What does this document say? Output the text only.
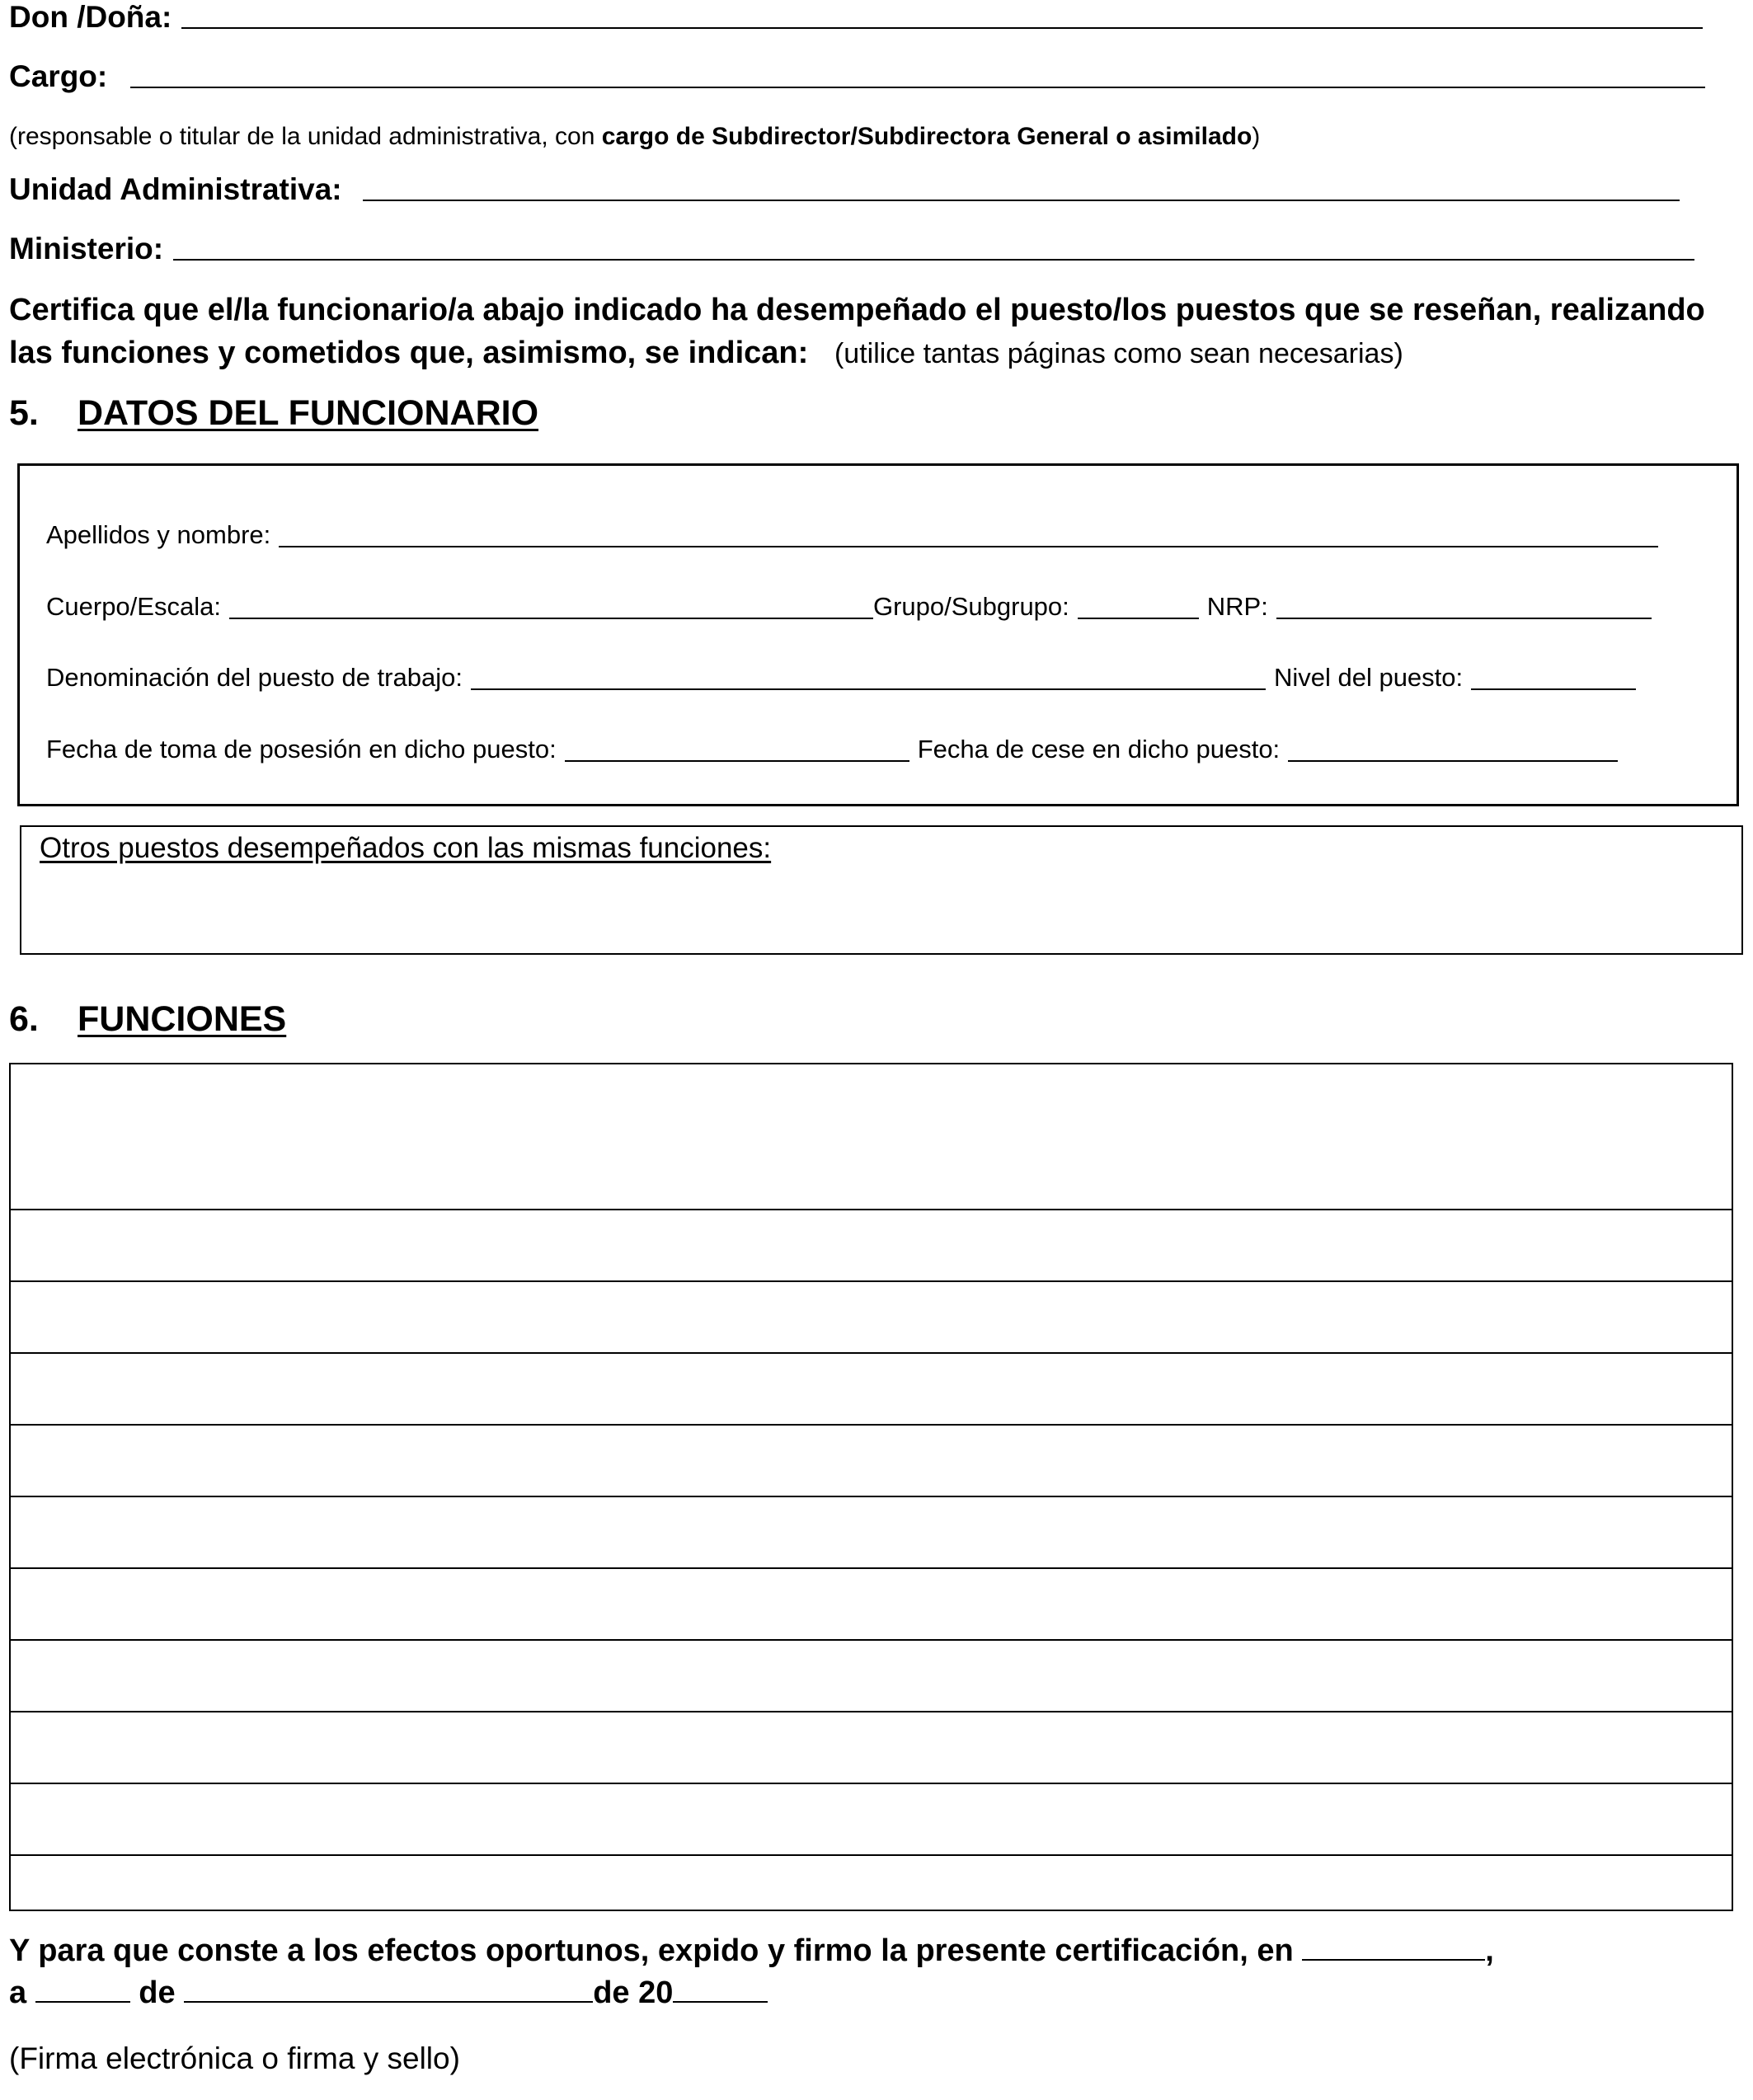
Don /Doña:
Cargo:
(responsable o titular de la unidad administrativa, con cargo de Subdirector/Subdirectora General o asimilado)
Unidad Administrativa:
Ministerio:
Certifica que el/la funcionario/a abajo indicado ha desempeñado el puesto/los puestos que se reseñan, realizando las funciones y cometidos que, asimismo, se indican: (utilice tantas páginas como sean necesarias)
5.	DATOS DEL FUNCIONARIO
Apellidos y nombre:
Cuerpo/Escala:	Grupo/Subgrupo:	NRP:
Denominación del puesto de trabajo:	Nivel del puesto:
Fecha de toma de posesión en dicho puesto:	Fecha de cese en dicho puesto:
Otros puestos desempeñados con las mismas funciones:
6.	FUNCIONES
Y para que conste a los efectos oportunos, expido y firmo la presente certificación, en	,
a	de	de 20
(Firma electrónica o firma y sello)
